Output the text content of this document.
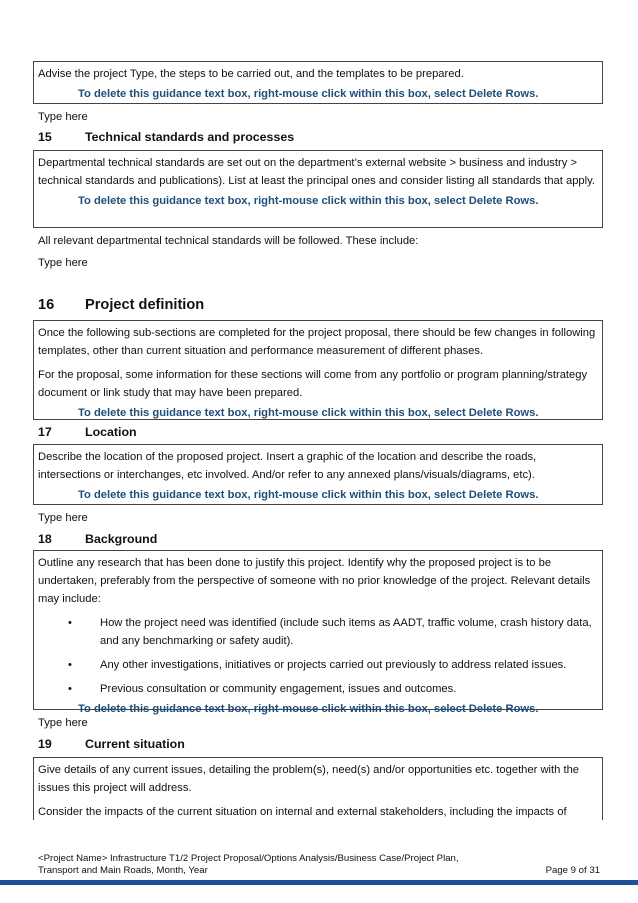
Advise the project Type, the steps to be carried out, and the templates to be prepared.

To delete this guidance text box, right-mouse click within this box, select Delete Rows.

Type here
15	Technical standards and processes

Departmental technical standards are set out on the department’s external website > business and industry > technical standards and publications). List at least the principal ones and consider listing all standards that apply.

To delete this guidance text box, right-mouse click within this box, select Delete Rows.

All relevant departmental technical standards will be followed. These include:
Type here
16 Project definition

Once the following sub-sections are completed for the project proposal, there should be few changes in following templates, other than current situation and performance measurement of different phases.

For the proposal, some information for these sections will come from any portfolio or program planning/strategy document or link study that may have been prepared.

To delete this guidance text box, right-mouse click within this box, select Delete Rows.

17	Location

Describe the location of the proposed project. Insert a graphic of the location and describe the roads, intersections or interchanges, etc involved. And/or refer to any annexed plans/visuals/diagrams, etc).

To delete this guidance text box, right-mouse click within this box, select Delete Rows.

Type here
18	Background

Outline any research that has been done to justify this project. Identify why the proposed project is to be undertaken, preferably from the perspective of someone with no prior knowledge of the project. Relevant details may include:

•	How the project need was identified (include such items as AADT, traffic volume, crash history data, and any benchmarking or safety audit).
•	Any other investigations, initiatives or projects carried out previously to address related issues.
•	Previous consultation or community engagement, issues and outcomes.

To delete this guidance text box, right-mouse click within this box, select Delete Rows.

Type here
19	Current situation

Give details of any current issues, detailing the problem(s), need(s) and/or opportunities etc. together with the issues this project will address.

Consider the impacts of the current situation on internal and external stakeholders, including the impacts of

<Project Name> Infrastructure T1/2 Project Proposal/Options Analysis/Business Case/Project Plan,
Transport and Main Roads, Month, Year	Page 9 of 31
